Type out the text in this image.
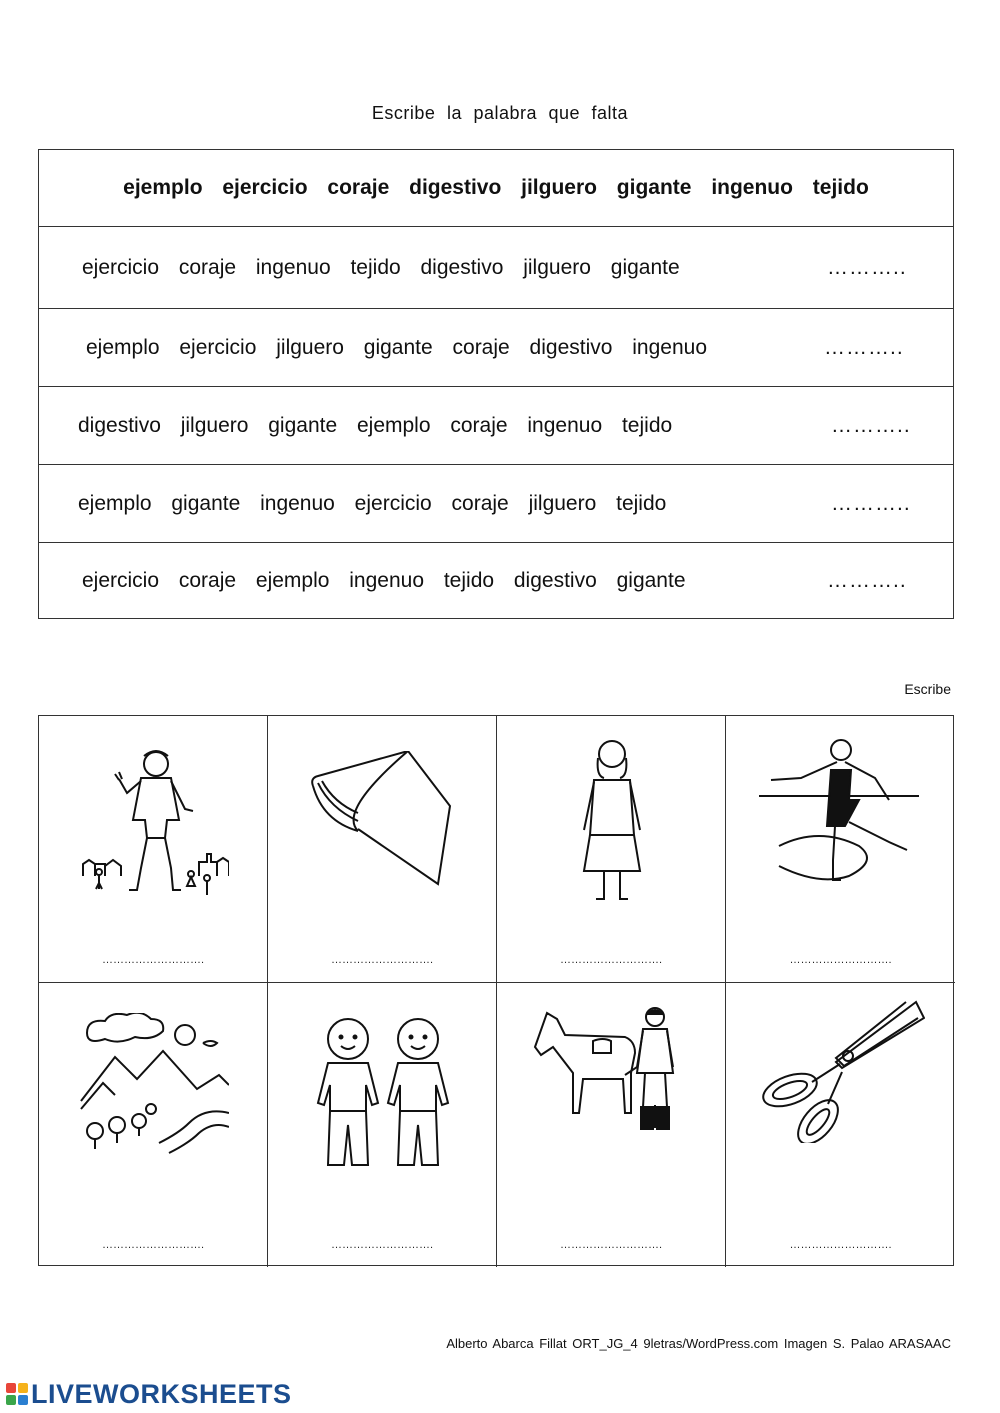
Escribe la palabra que falta
ejemplo ejercicio coraje digestivo jilguero gigante ingenuo tejido
ejercicio coraje ingenuo tejido digestivo jilguero gigante	………..
ejemplo ejercicio jilguero gigante coraje digestivo ingenuo	………..
digestivo jilguero gigante ejemplo coraje ingenuo tejido	………..
ejemplo gigante ingenuo ejercicio coraje jilguero tejido	………..
ejercicio coraje ejemplo ingenuo tejido digestivo gigante	………..
Escribe
……………………….	……………………….	……………………….	……………………….
……………………….	……………………….	……………………….	……………………….
Alberto Abarca Fillat ORT_JG_4 9letras/WordPress.com Imagen S. Palao ARASAAC
LIVEWORKSHEETS
